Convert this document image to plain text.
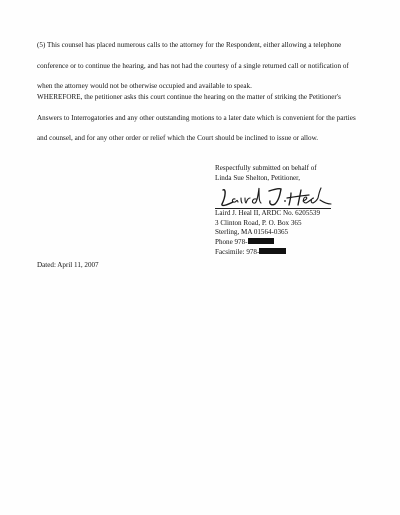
(5) This counsel has placed numerous calls to the attorney for the Respondent, either allowing a telephone conference or to continue the hearing, and has not had the courtesy of a single returned call or notification of when the attorney would not be otherwise occupied and available to speak.

WHEREFORE, the petitioner asks this court continue the hearing on the matter of striking the Petitioner's Answers to Interrogatories and any other outstanding motions to a later date which is convenient for the parties and counsel, and for any other order or relief which the Court should be inclined to issue or allow.

Respectfully submitted on behalf of
Linda Sue Shelton, Petitioner,
Laird J. Heal II, ARDC No. 6205539
3 Clinton Road, P. O. Box 365
Sterling, MA 01564-0365
Phone 978-
Facsimile: 978-
Dated: April 11, 2007
